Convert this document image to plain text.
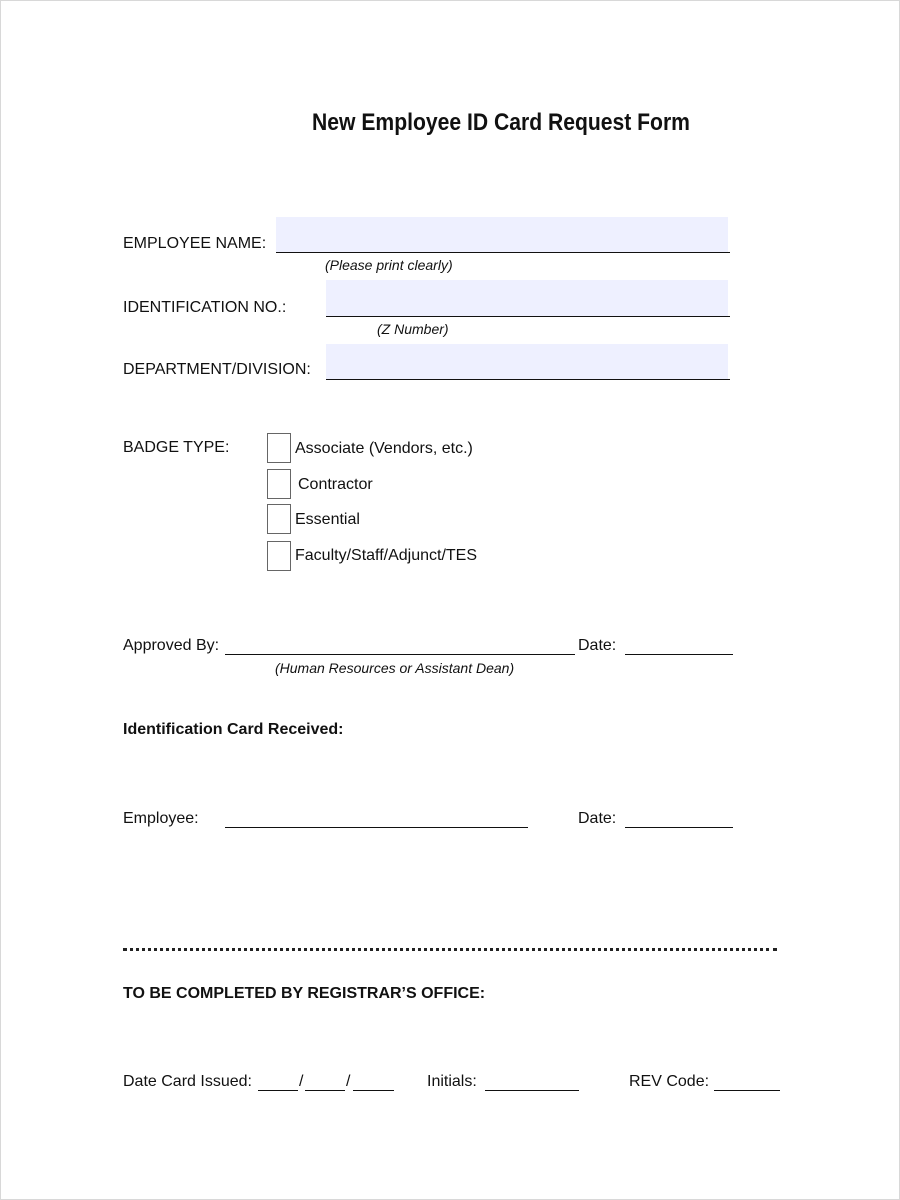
New Employee ID Card Request Form
EMPLOYEE NAME:
(Please print clearly)
IDENTIFICATION NO.:
(Z Number)
DEPARTMENT/DIVISION:
BADGE TYPE:	Associate (Vendors, etc.)
Contractor
Essential
Faculty/Staff/Adjunct/TES
Approved By:
(Human Resources or Assistant Dean)
Date:
Identification Card Received:
Employee:	Date:
TO BE COMPLETED BY REGISTRAR’S OFFICE:
Date Card Issued:	/	/	Initials:	REV Code:
